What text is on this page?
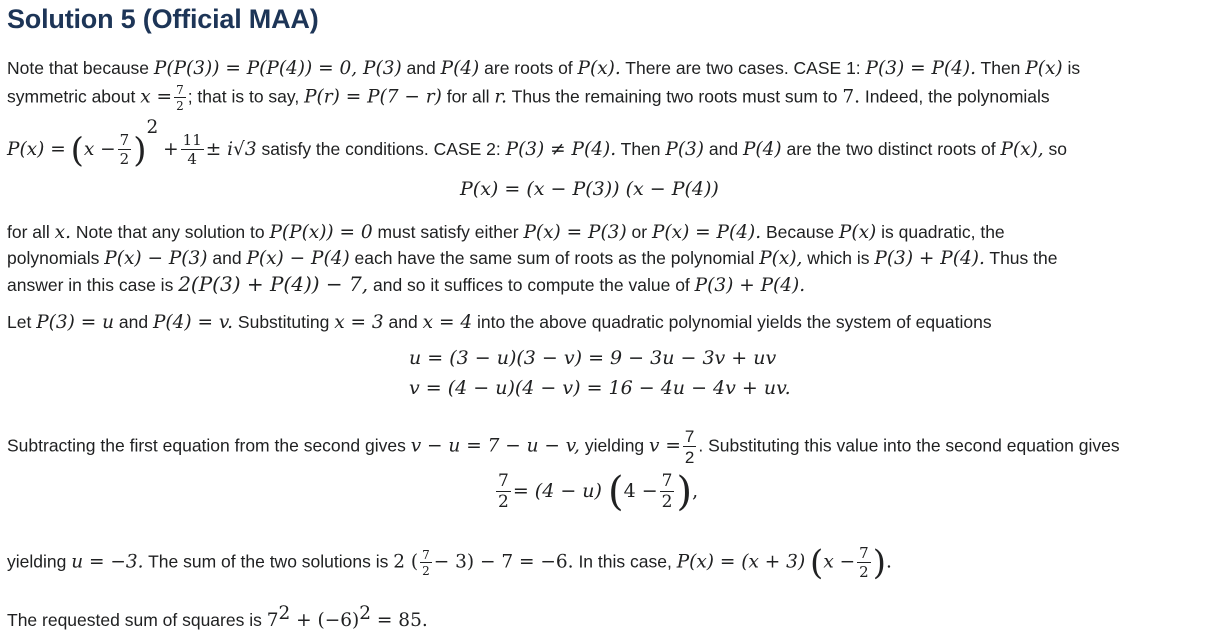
Solution 5 (Official MAA)
Note that because P(P(3)) = P(P(4)) = 0, P(3) and P(4) are roots of P(x). There are two cases. CASE 1: P(3) = P(4). Then P(x) is
symmetric about $x = \frac{7}{2}$ ; that is to say, P(r) = P(7 − r) for all r. Thus the remaining two roots must sum to 7. Indeed, the polynomials
$P(x) = (x - \frac{7}{2} )^2 + \frac{11}{4} \pm i√3$ satisfy the conditions. CASE 2: P(3) ≠ P(4). Then P(3) and P(4) are the two distinct roots of P(x), so
P(x) = (x − P(3)) (x − P(4))
for all x. Note that any solution to P(P(x)) = 0 must satisfy either P(x) = P(3) or P(x) = P(4). Because P(x) is quadratic, the
polynomials P(x) − P(3) and P(x) − P(4) each have the same sum of roots as the polynomial P(x), which is P(3) + P(4). Thus the
answer in this case is 2(P(3) + P(4)) − 7, and so it suffices to compute the value of P(3) + P(4).
Let P(3) = u and P(4) = v. Substituting x = 3 and x = 4 into the above quadratic polynomial yields the system of equations
u = (3 − u)(3 − v) = 9 − 3u − 3v + uv
v = (4 − u)(4 − v) = 16 − 4u − 4v + uv.
Subtracting the first equation from the second gives v − u = 7 − u − v, yielding $v = \frac{7}{2}$ . Substituting this value into the second equation gives
$\frac{7}{2} = (4 - u) (4 - \frac{7}{2}$ ),
yielding u = −3. The sum of the two solutions is 2 ( $\frac{7}{2} - 3) - 7 = -6$. In this case, P(x) = (x + 3) ($x - \frac{7}{2}$ ).
The requested sum of squares is $7^2 + (-6)^2 = 85$.
